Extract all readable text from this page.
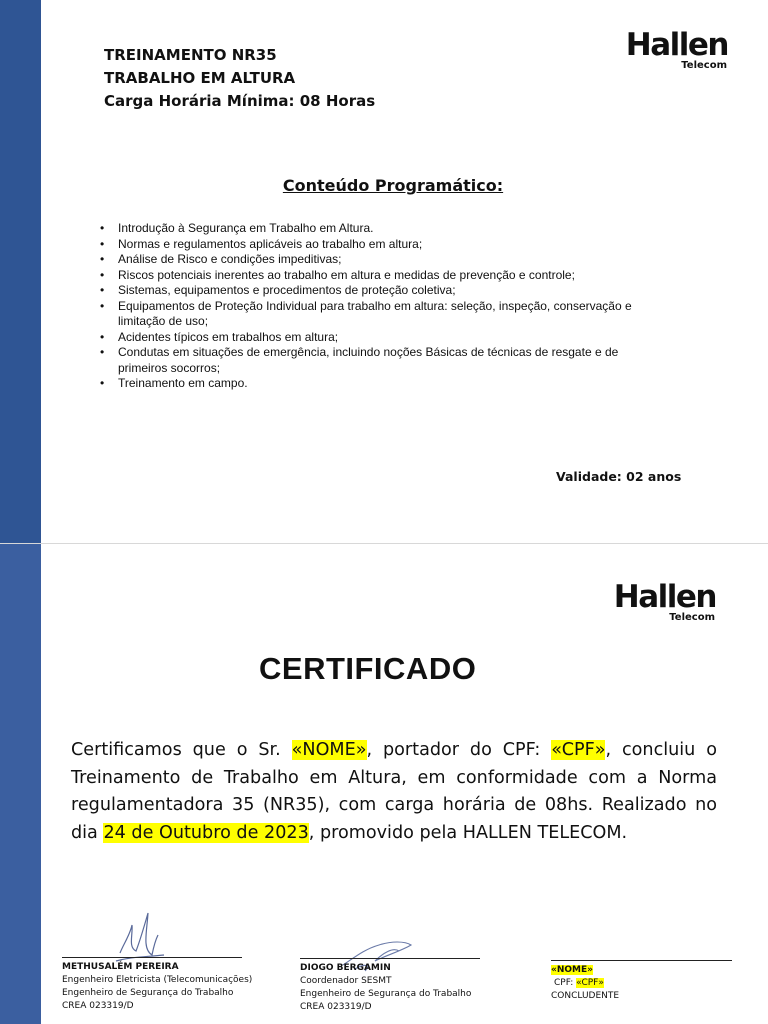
TREINAMENTO NR35
TRABALHO EM ALTURA
Carga Horária Mínima: 08 Horas
Hallen
Telecom
Conteúdo Programático:
• Introdução à Segurança em Trabalho em Altura.
• Normas e regulamentos aplicáveis ao trabalho em altura;
• Análise de Risco e condições impeditivas;
• Riscos potenciais inerentes ao trabalho em altura e medidas de prevenção e controle;
• Sistemas, equipamentos e procedimentos de proteção coletiva;
• Equipamentos de Proteção Individual para trabalho em altura: seleção, inspeção, conservação e limitação de uso;
• Acidentes típicos em trabalhos em altura;
• Condutas em situações de emergência, incluindo noções Básicas de técnicas de resgate e de primeiros socorros;
• Treinamento em campo.
Validade: 02 anos
Hallen
Telecom
CERTIFICADO
Certificamos que o Sr. «NOME», portador do CPF: «CPF», concluiu o Treinamento de Trabalho em Altura, em conformidade com a Norma regulamentadora 35 (NR35), com carga horária de 08hs. Realizado no dia 24 de Outubro de 2023, promovido pela HALLEN TELECOM.
METHUSALÉM PEREIRA
Engenheiro Eletricista (Telecomunicações)
Engenheiro de Segurança do Trabalho
CREA 023319/D
DIOGO BERGAMIN
Coordenador SESMT
Engenheiro de Segurança do Trabalho
CREA 023319/D
«NOME»
CPF: «CPF»
CONCLUDENTE
